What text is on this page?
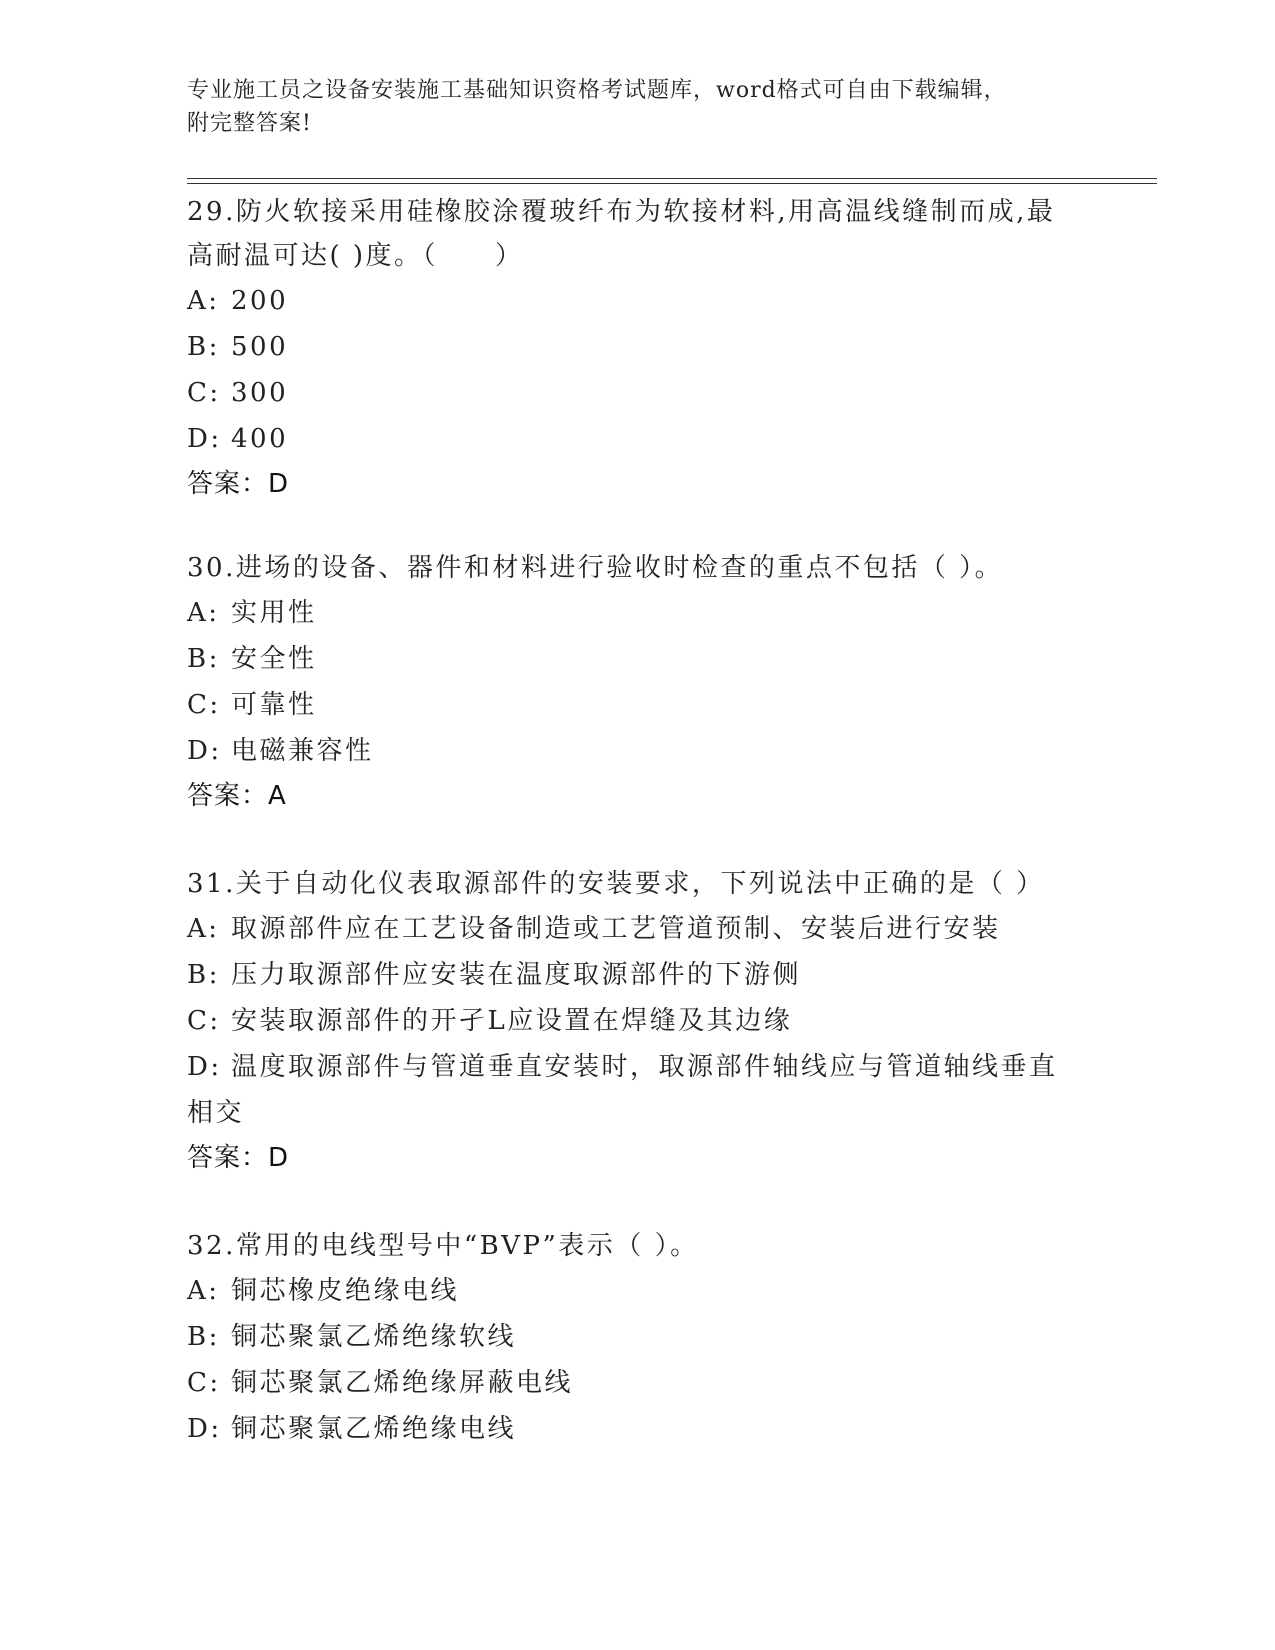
专业施工员之设备安装施工基础知识资格考试题库，word格式可自由下载编辑，
附完整答案!
29.防火软接采用硅橡胶涂覆玻纤布为软接材料,用高温线缝制而成,最
高耐温可达( )度。（　　）
A: 200
B: 500
C: 300
D: 400
答案：D
30.进场的设备、器件和材料进行验收时检查的重点不包括（ ）。
A: 实用性
B: 安全性
C: 可靠性
D: 电磁兼容性
答案：A
31.关于自动化仪表取源部件的安装要求，下列说法中正确的是（ ）
A: 取源部件应在工艺设备制造或工艺管道预制、安装后进行安装
B: 压力取源部件应安装在温度取源部件的下游侧
C: 安装取源部件的开孑L应设置在焊缝及其边缘
D: 温度取源部件与管道垂直安装时，取源部件轴线应与管道轴线垂直
相交
答案：D
32.常用的电线型号中“BVP”表示（ ）。
A: 铜芯橡皮绝缘电线
B: 铜芯聚氯乙烯绝缘软线
C: 铜芯聚氯乙烯绝缘屏蔽电线
D: 铜芯聚氯乙烯绝缘电线
